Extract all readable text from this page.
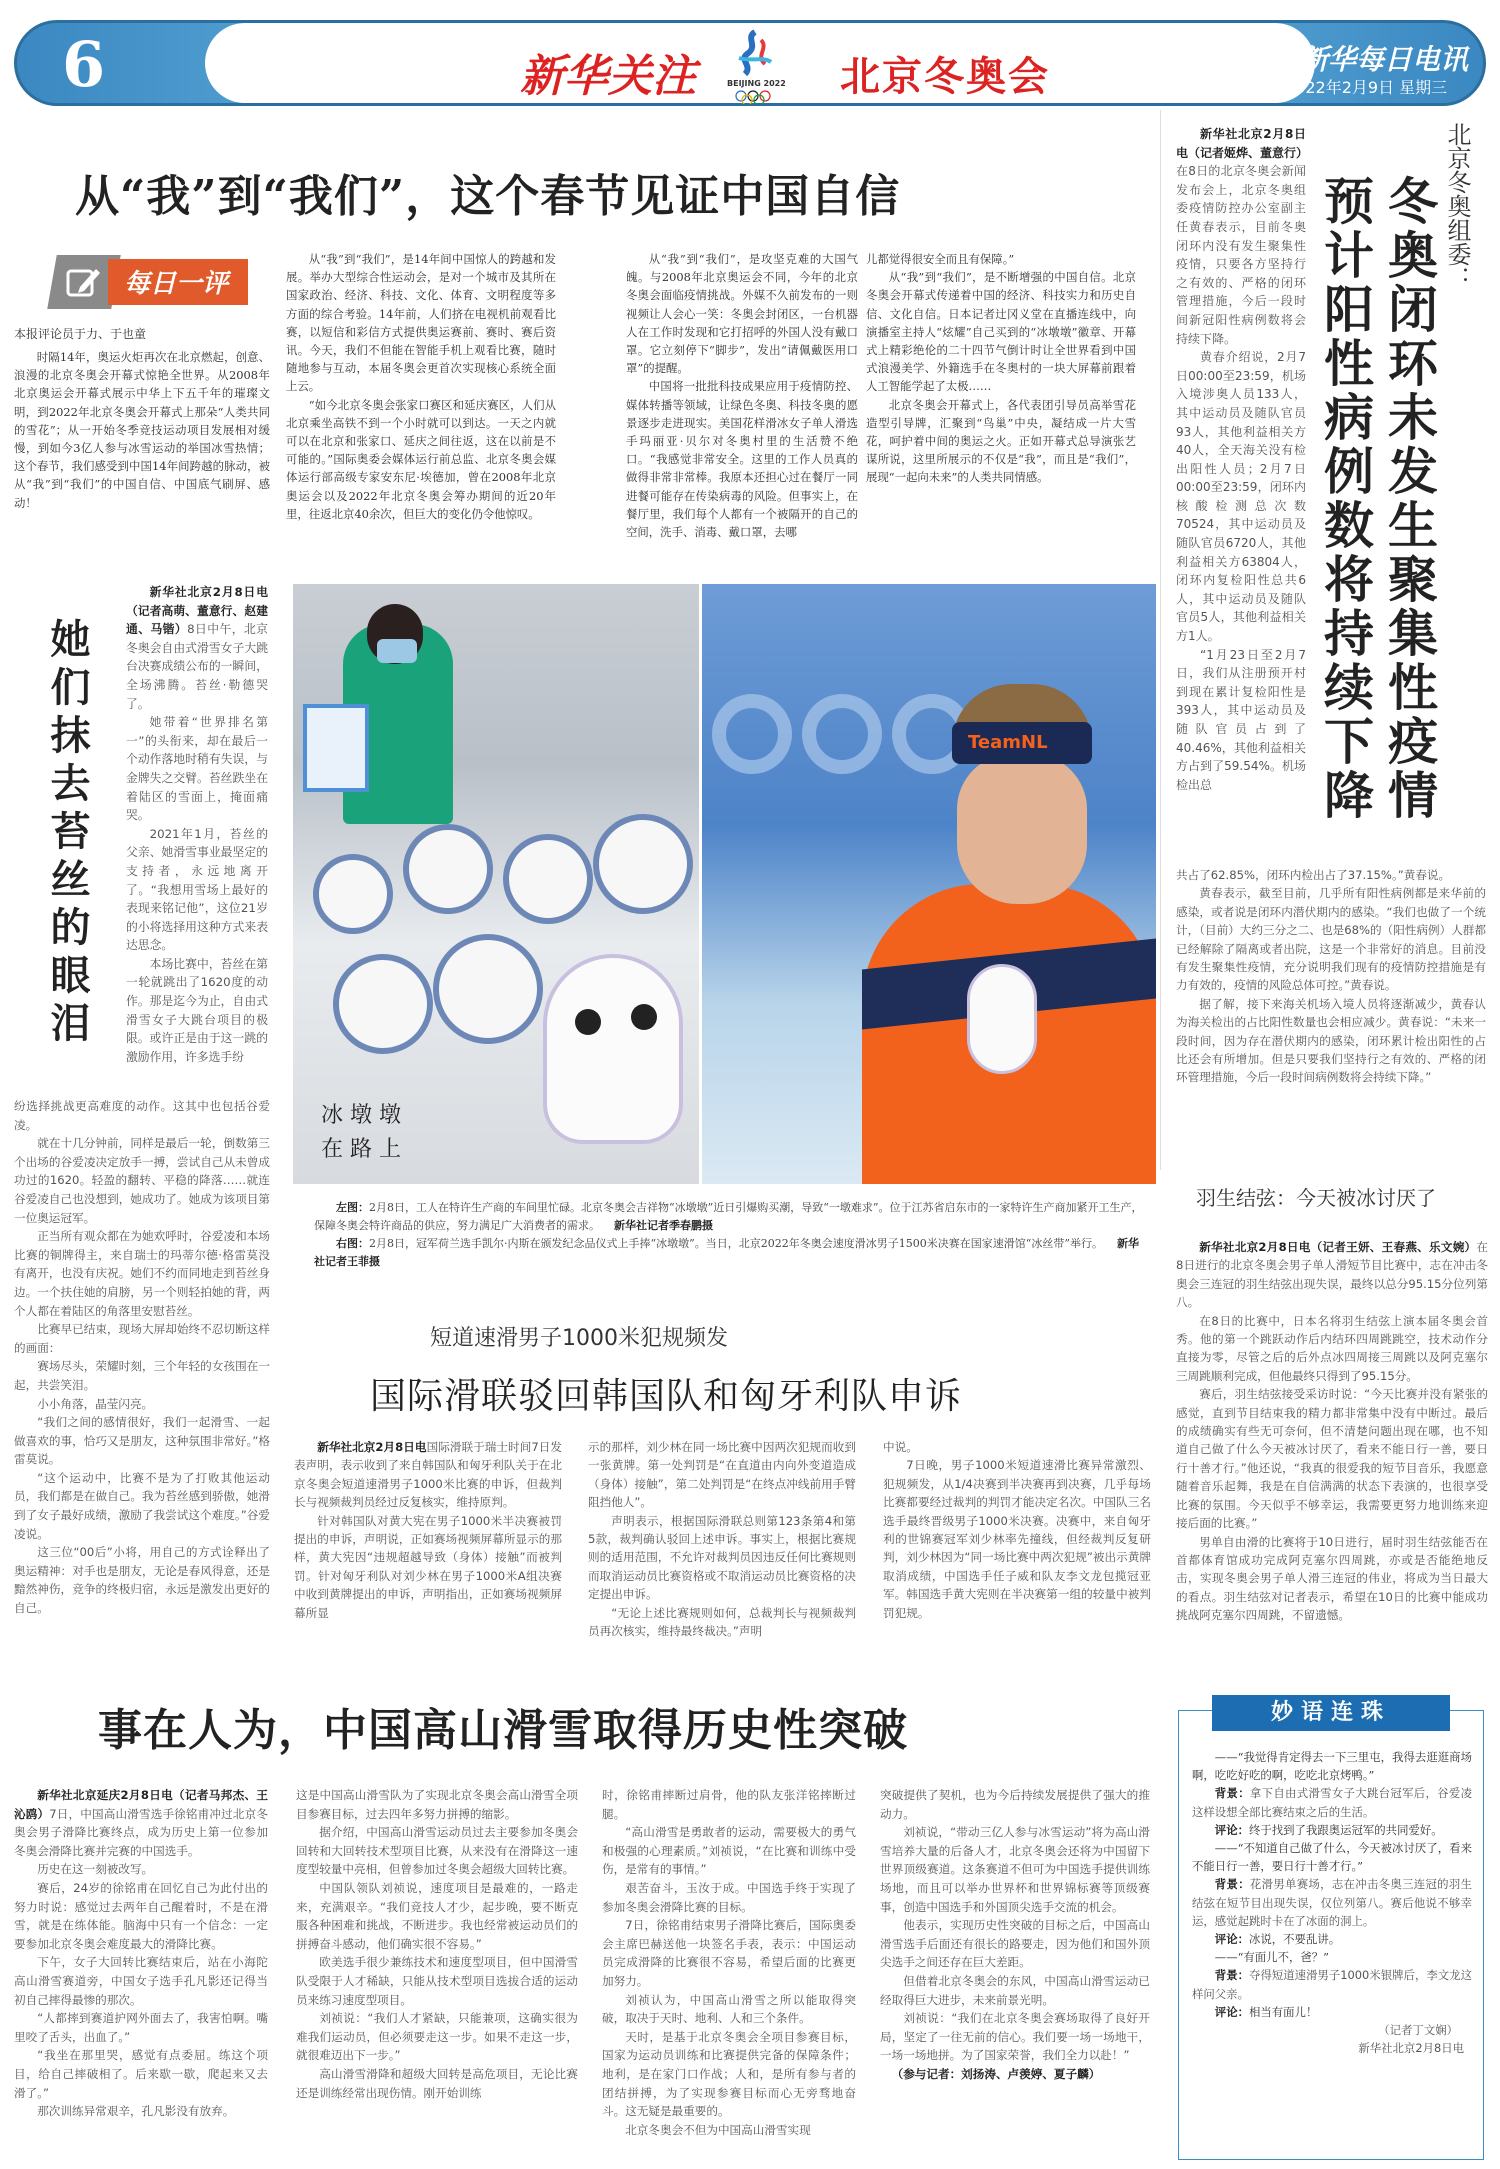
6	新华关注	BEIJING 2022 北京冬奥会	新华每日电讯
2022年2月9日 星期三
从“我”到“我们”，这个春节见证中国自信
每日一评
本报评论员于力、于也童

时隔14年，奥运火炬再次在北京燃起，创意、浪漫的北京冬奥会开幕式惊艳全世界。从2008年北京奥运会开幕式展示中华上下五千年的璀璨文明，到2022年北京冬奥会开幕式上那朵“人类共同的雪花”；从一开始冬季竞技运动项目发展相对缓慢，到如今3亿人参与冰雪运动的举国冰雪热情；这个春节，我们感受到中国14年间跨越的脉动，被从“我”到“我们”的中国自信、中国底气刷屏、感动！

从“我”到“我们”，是14年间中国惊人的跨越和发展。举办大型综合性运动会，是对一个城市及其所在国家政治、经济、科技、文化、体育、文明程度等多方面的综合考验。14年前，人们挤在电视机前观看比赛，以短信和彩信方式提供奥运赛前、赛时、赛后资讯。今天，我们不但能在智能手机上观看比赛，随时随地参与互动，本届冬奥会更首次实现核心系统全面上云。

“如今北京冬奥会张家口赛区和延庆赛区，人们从北京乘坐高铁不到一个小时就可以到达。一天之内就可以在北京和张家口、延庆之间往返，这在以前是不可能的。”国际奥委会媒体运行前总监、北京冬奥会媒体运行部高级专家安东尼·埃德加，曾在2008年北京奥运会以及2022年北京冬奥会筹办期间的近20年里，往返北京40余次，但巨大的变化仍令他惊叹。

从“我”到“我们”，是攻坚克难的大国气魄。与2008年北京奥运会不同，今年的北京冬奥会面临疫情挑战。外媒不久前发布的一则视频让人会心一笑：冬奥会封闭区，一台机器人在工作时发现和它打招呼的外国人没有戴口罩。它立刻停下“脚步”，发出“请佩戴医用口罩”的提醒。

中国将一批批科技成果应用于疫情防控、媒体转播等领域，让绿色冬奥、科技冬奥的愿景逐步走进现实。美国花样滑冰女子单人滑选手玛丽亚·贝尔对冬奥村里的生活赞不绝口。“我感觉非常安全。这里的工作人员真的做得非常非常棒。我原本还担心过在餐厅一同进餐可能存在传染病毒的风险。但事实上，在餐厅里，我们每个人都有一个被隔开的自己的空间，洗手、消毒、戴口罩，去哪

儿都觉得很安全而且有保障。”

从“我”到“我们”，是不断增强的中国自信。北京冬奥会开幕式传递着中国的经济、科技实力和历史自信、文化自信。日本记者辻冈义堂在直播连线中，向演播室主持人“炫耀”自己买到的“冰墩墩”徽章、开幕式上精彩绝伦的二十四节气倒计时让全世界看到中国式浪漫美学、外籍选手在冬奥村的一块大屏幕前跟着人工智能学起了太极……

北京冬奥会开幕式上，各代表团引导员高举雪花造型引导牌，汇聚到“鸟巢”中央，凝结成一片大雪花，呵护着中间的奥运之火。正如开幕式总导演张艺谋所说，这里所展示的不仅是“我”，而且是“我们”，展现“一起向未来”的人类共同情感。

新华社北京2月8日电（记者姬烨、董意行）在8日的北京冬奥会新闻发布会上，北京冬奥组委疫情防控办公室副主任黄春表示，目前冬奥闭环内没有发生聚集性疫情，只要各方坚持行之有效的、严格的闭环管理措施，今后一段时间新冠阳性病例数将会持续下降。

黄春介绍说，2月7日00:00至23:59，机场入境涉奥人员133人，其中运动员及随队官员93人，其他利益相关方40人，全天海关没有检出阳性人员；2月7日00:00至23:59，闭环内核酸检测总次数70524，其中运动员及随队官员6720人，其他利益相关方63804人，闭环内复检阳性总共6人，其中运动员及随队官员5人，其他利益相关方1人。

“1月23日至2月7日，我们从注册预开村到现在累计复检阳性是393人，其中运动员及随队官员占到了40.46%，其他利益相关方占到了59.54%。机场检出总

北京冬奥组委：
冬奥闭环未发生聚集性疫情
预计阳性病例数将持续下降

共占了62.85%，闭环内检出占了37.15%。”黄春说。

黄春表示，截至目前，几乎所有阳性病例都是来华前的感染，或者说是闭环内潜伏期内的感染。“我们也做了一个统计，（目前）大约三分之二、也是68%的（阳性病例）人群都已经解除了隔离或者出院，这是一个非常好的消息。目前没有发生聚集性疫情，充分说明我们现有的疫情防控措施是有力有效的，疫情的风险总体可控。”黄春说。

据了解，接下来海关机场入境人员将逐渐减少，黄春认为海关检出的占比阳性数量也会相应减少。黄春说：“未来一段时间，因为存在潜伏期内的感染，闭环累计检出阳性的占比还会有所增加。但是只要我们坚持行之有效的、严格的闭环管理措施，今后一段时间病例数将会持续下降。”

她们抹去苔丝的眼泪

新华社北京2月8日电（记者高萌、董意行、赵建通、马锴）8日中午，北京冬奥会自由式滑雪女子大跳台决赛成绩公布的一瞬间，全场沸腾。苔丝·勒德哭了。

她带着“世界排名第一”的头衔来，却在最后一个动作落地时稍有失误，与金牌失之交臂。苔丝跌坐在着陆区的雪面上，掩面痛哭。

2021年1月，苔丝的父亲、她滑雪事业最坚定的支持者，永远地离开了。“我想用雪场上最好的表现来铭记他”，这位21岁的小将选择用这种方式来表达思念。

本场比赛中，苔丝在第一轮就跳出了1620度的动作。那是迄今为止，自由式滑雪女子大跳台项目的极限。或许正是由于这一跳的激励作用，许多选手纷

纷选择挑战更高难度的动作。这其中也包括谷爱凌。

就在十几分钟前，同样是最后一轮，倒数第三个出场的谷爱凌决定放手一搏，尝试自己从未曾成功过的1620。轻盈的翻转、平稳的降落……就连谷爱凌自己也没想到，她成功了。她成为该项目第一位奥运冠军。

正当所有观众都在为她欢呼时，谷爱凌和本场比赛的铜牌得主，来自瑞士的玛蒂尔德·格雷莫没有离开，也没有庆祝。她们不约而同地走到苔丝身边。一个扶住她的肩膀，另一个则轻拍她的背，两个人都在着陆区的角落里安慰苔丝。

比赛早已结束，现场大屏却始终不忍切断这样的画面：

赛场尽头，荣耀时刻，三个年轻的女孩围在一起，共尝笑泪。

小小角落，晶莹闪亮。

“我们之间的感情很好，我们一起滑雪、一起做喜欢的事，恰巧又是朋友，这种氛围非常好。”格雷莫说。

“这个运动中，比赛不是为了打败其他运动员，我们都是在做自己。我为苔丝感到骄傲，她滑到了女子最好成绩，激励了我尝试这个难度。”谷爱凌说。

这三位“00后”小将，用自己的方式诠释出了奥运精神：对手也是朋友，无论是春风得意，还是黯然神伤，竞争的终极归宿，永远是激发出更好的自己。

冰 墩 墩
在 路 上
TeamNL

左图：2月8日，工人在特许生产商的车间里忙碌。北京冬奥会吉祥物“冰墩墩”近日引爆购买潮，导致“一墩难求”。位于江苏省启东市的一家特许生产商加紧开工生产，保障冬奥会特许商品的供应，努力满足广大消费者的需求。 新华社记者季春鹏摄

右图：2月8日，冠军荷兰选手凯尔·内斯在颁发纪念品仪式上手捧“冰墩墩”。当日，北京2022年冬奥会速度滑冰男子1500米决赛在国家速滑馆“冰丝带”举行。 新华社记者王菲摄

短道速滑男子1000米犯规频发
国际滑联驳回韩国队和匈牙利队申诉

新华社北京2月8日电国际滑联于瑞士时间7日发表声明，表示收到了来自韩国队和匈牙利队关于在北京冬奥会短道速滑男子1000米比赛的申诉，但裁判长与视频裁判员经过反复核实，维持原判。

针对韩国队对黄大宪在男子1000米半决赛被罚提出的申诉，声明说，正如赛场视频屏幕所显示的那样，黄大宪因“违规超越导致（身体）接触”而被判罚。针对匈牙利队对刘少林在男子1000米A组决赛中收到黄牌提出的申诉，声明指出，正如赛场视频屏幕所显

示的那样，刘少林在同一场比赛中因两次犯规而收到一张黄牌。第一处判罚是“在直道由内向外变道造成（身体）接触”，第二处判罚是“在终点冲线前用手臂阻挡他人”。

声明表示，根据国际滑联总则第123条第4和第5款，裁判确认驳回上述申诉。事实上，根据比赛规则的适用范围，不允许对裁判员因违反任何比赛规则而取消运动员比赛资格或不取消运动员比赛资格的决定提出申诉。

“无论上述比赛规则如何，总裁判长与视频裁判员再次核实，维持最终裁决。”声明

中说。

7日晚，男子1000米短道速滑比赛异常激烈、犯规频发，从1/4决赛到半决赛再到决赛，几乎每场比赛都要经过裁判的判罚才能决定名次。中国队三名选手最终晋级男子1000米决赛。决赛中，来自匈牙利的世锦赛冠军刘少林率先撞线，但经裁判反复研判，刘少林因为“同一场比赛中两次犯规”被出示黄牌取消成绩，中国选手任子威和队友李文龙包揽冠亚军。韩国选手黄大宪则在半决赛第一组的较量中被判罚犯规。

羽生结弦：今天被冰讨厌了

新华社北京2月8日电（记者王妍、王春燕、乐文婉）在8日进行的北京冬奥会男子单人滑短节目比赛中，志在冲击冬奥会三连冠的羽生结弦出现失误，最终以总分95.15分位列第八。

在8日的比赛中，日本名将羽生结弦上演本届冬奥会首秀。他的第一个跳跃动作后内结环四周跳跳空，技术动作分直接为零，尽管之后的后外点冰四周接三周跳以及阿克塞尔三周跳顺利完成，但他最终只得到了95.15分。

赛后，羽生结弦接受采访时说：“今天比赛并没有紧张的感觉，直到节目结束我的精力都非常集中没有中断过。最后的成绩确实有些无可奈何，但不清楚问题出现在哪，也不知道自己做了什么今天被冰讨厌了，看来不能日行一善，要日行十善才行。”他还说，“我真的很爱我的短节目音乐，我愿意随着音乐起舞，我是在自信满满的状态下表演的，也很享受比赛的氛围。今天似乎不够幸运，我需要更努力地训练来迎接后面的比赛。”

男单自由滑的比赛将于10日进行，届时羽生结弦能否在首都体育馆成功完成阿克塞尔四周跳，亦或是否能绝地反击，实现冬奥会男子单人滑三连冠的伟业，将成为当日最大的看点。羽生结弦对记者表示，希望在10日的比赛中能成功挑战阿克塞尔四周跳，不留遗憾。

妙语连珠

——“我觉得肯定得去一下三里屯，我得去逛逛商场啊，吃吃好吃的啊，吃吃北京烤鸭。”

背景：拿下自由式滑雪女子大跳台冠军后，谷爱凌这样设想全部比赛结束之后的生活。

评论：终于找到了我跟奥运冠军的共同爱好。

——“不知道自己做了什么，今天被冰讨厌了，看来不能日行一善，要日行十善才行。”

背景：花滑男单赛场，志在冲击冬奥三连冠的羽生结弦在短节目出现失误，仅位列第八。赛后他说不够幸运，感觉起跳时卡在了冰面的洞上。

评论：冰说，不要乱讲。

——“有面儿不，爸？”

背景：夺得短道速滑男子1000米银牌后，李文龙这样问父亲。

评论：相当有面儿！

（记者丁文娴）

新华社北京2月8日电

事在人为，中国高山滑雪取得历史性突破

新华社北京延庆2月8日电（记者马邦杰、王沁鸥）7日，中国高山滑雪选手徐铭甫冲过北京冬奥会男子滑降比赛终点，成为历史上第一位参加冬奥会滑降比赛并完赛的中国选手。

历史在这一刻被改写。

赛后，24岁的徐铭甫在回忆自己为此付出的努力时说：感觉过去两年自己醒着时，不是在滑雪，就是在练体能。脑海中只有一个信念：一定要参加北京冬奥会难度最大的滑降比赛。

下午，女子大回转比赛结束后，站在小海陀高山滑雪赛道旁，中国女子选手孔凡影还记得当初自己摔得最惨的那次。

“人都摔到赛道护网外面去了，我害怕啊。嘴里咬了舌头，出血了。”

“我坐在那里哭，感觉有点委屈。练这个项目，给自己摔破相了。后来歇一歇，爬起来又去滑了。”

那次训练异常艰辛，孔凡影没有放弃。

这是中国高山滑雪队为了实现北京冬奥会高山滑雪全项目参赛目标，过去四年多努力拼搏的缩影。

据介绍，中国高山滑雪运动员过去主要参加冬奥会回转和大回转技术型项目比赛，从来没有在滑降这一速度型较量中亮相，但曾参加过冬奥会超级大回转比赛。

中国队领队刘祯说，速度项目是最难的，一路走来，充满艰辛。“我们竞技人才少，起步晚，要不断克服各种困难和挑战，不断进步。我也经常被运动员们的拼搏奋斗感动，他们确实很不容易。”

欧美选手很少兼练技术和速度型项目，但中国滑雪队受限于人才稀缺，只能从技术型项目选拔合适的运动员来练习速度型项目。

刘祯说：“我们人才紧缺，只能兼项，这确实很为难我们运动员，但必须要走这一步。如果不走这一步，就很难迈出下一步。”

高山滑雪滑降和超级大回转是高危项目，无论比赛还是训练经常出现伤情。刚开始训练

时，徐铭甫摔断过肩骨，他的队友张洋铭摔断过腿。

“高山滑雪是勇敢者的运动，需要极大的勇气和极强的心理素质。”刘祯说，“在比赛和训练中受伤，是常有的事情。”

艰苦奋斗，玉汝于成。中国选手终于实现了参加冬奥会滑降比赛的目标。

7日，徐铭甫结束男子滑降比赛后，国际奥委会主席巴赫送他一块签名手表，表示：中国运动员完成滑降的比赛很不容易，希望后面的比赛更加努力。

刘祯认为，中国高山滑雪之所以能取得突破，取决于天时、地利、人和三个条件。

天时，是基于北京冬奥会全项目参赛目标，国家为运动员训练和比赛提供完备的保障条件；地利，是在家门口作战；人和，是所有参与者的团结拼搏，为了实现参赛目标而心无旁骛地奋斗。这无疑是最重要的。

北京冬奥会不但为中国高山滑雪实现

突破提供了契机，也为今后持续发展提供了强大的推动力。

刘祯说，“带动三亿人参与冰雪运动”将为高山滑雪培养大量的后备人才，北京冬奥会还将为中国留下世界顶级赛道。这条赛道不但可为中国选手提供训练场地，而且可以举办世界杯和世界锦标赛等顶级赛事，创造中国选手和外国顶尖选手交流的机会。

他表示，实现历史性突破的目标之后，中国高山滑雪选手后面还有很长的路要走，因为他们和国外顶尖选手之间还存在巨大差距。

但借着北京冬奥会的东风，中国高山滑雪运动已经取得巨大进步，未来前景光明。

刘祯说：“我们在北京冬奥会赛场取得了良好开局，坚定了一往无前的信心。我们要一场一场地干，一场一场地拼。为了国家荣誉，我们全力以赴！”

（参与记者：刘扬涛、卢羡婷、夏子麟）
